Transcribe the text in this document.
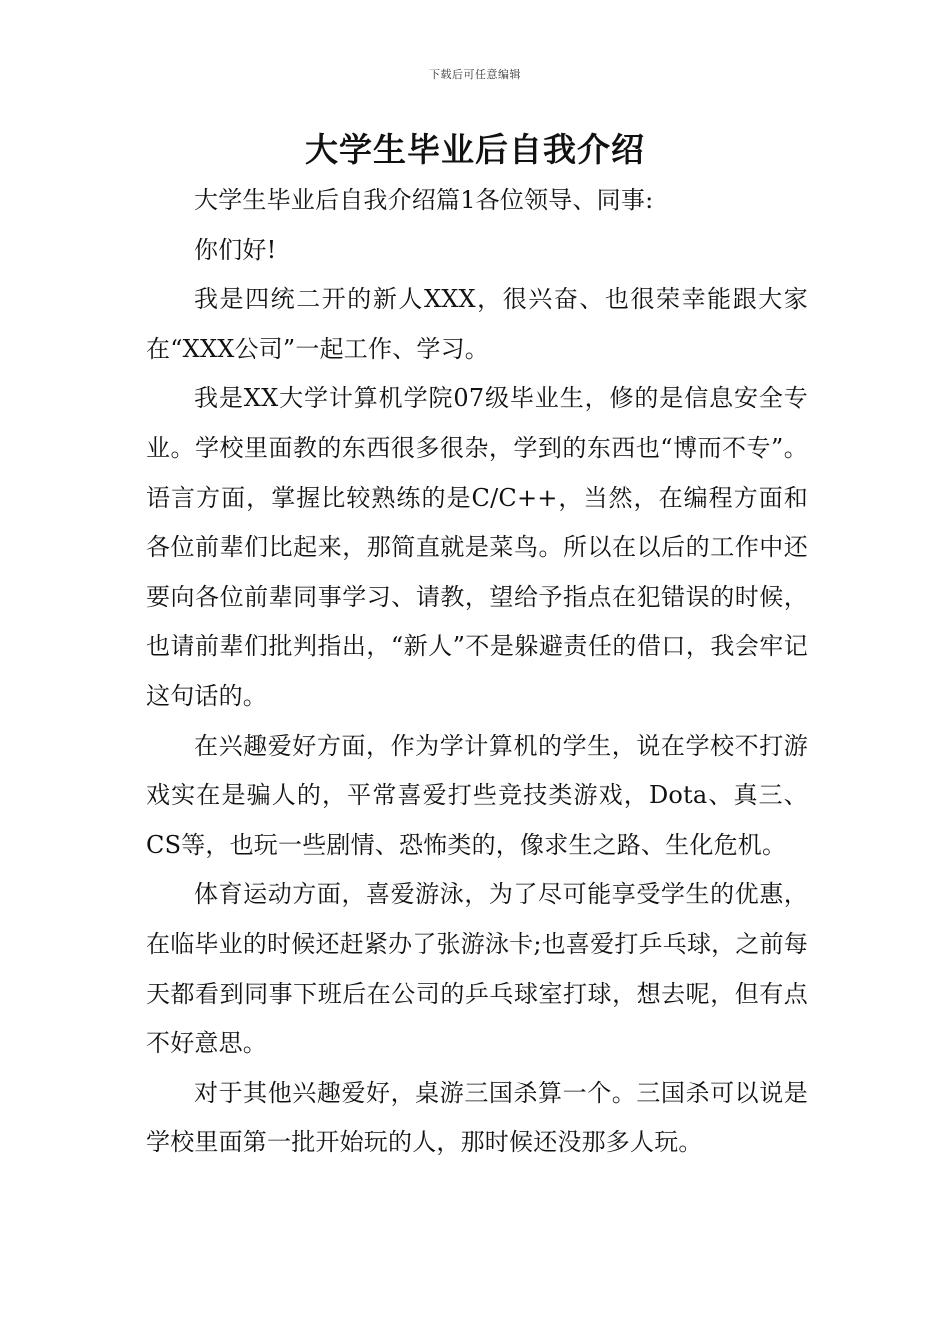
下载后可任意编辑
大学生毕业后自我介绍

大学生毕业后自我介绍篇1各位领导、同事:

你们好!

我是四统二开的新人XXX，很兴奋、也很荣幸能跟大家在“XXX公司”一起工作、学习。

我是XX大学计算机学院07级毕业生，修的是信息安全专业。学校里面教的东西很多很杂，学到的东西也“博而不专”。语言方面，掌握比较熟练的是C/C++，当然，在编程方面和各位前辈们比起来，那简直就是菜鸟。所以在以后的工作中还要向各位前辈同事学习、请教，望给予指点在犯错误的时候，也请前辈们批判指出，“新人”不是躲避责任的借口，我会牢记这句话的。

在兴趣爱好方面，作为学计算机的学生，说在学校不打游戏实在是骗人的，平常喜爱打些竞技类游戏，Dota、真三、CS等，也玩一些剧情、恐怖类的，像求生之路、生化危机。

体育运动方面，喜爱游泳，为了尽可能享受学生的优惠，在临毕业的时候还赶紧办了张游泳卡;也喜爱打乒乓球，之前每天都看到同事下班后在公司的乒乓球室打球，想去呢，但有点不好意思。

对于其他兴趣爱好，桌游三国杀算一个。三国杀可以说是学校里面第一批开始玩的人，那时候还没那多人玩。
